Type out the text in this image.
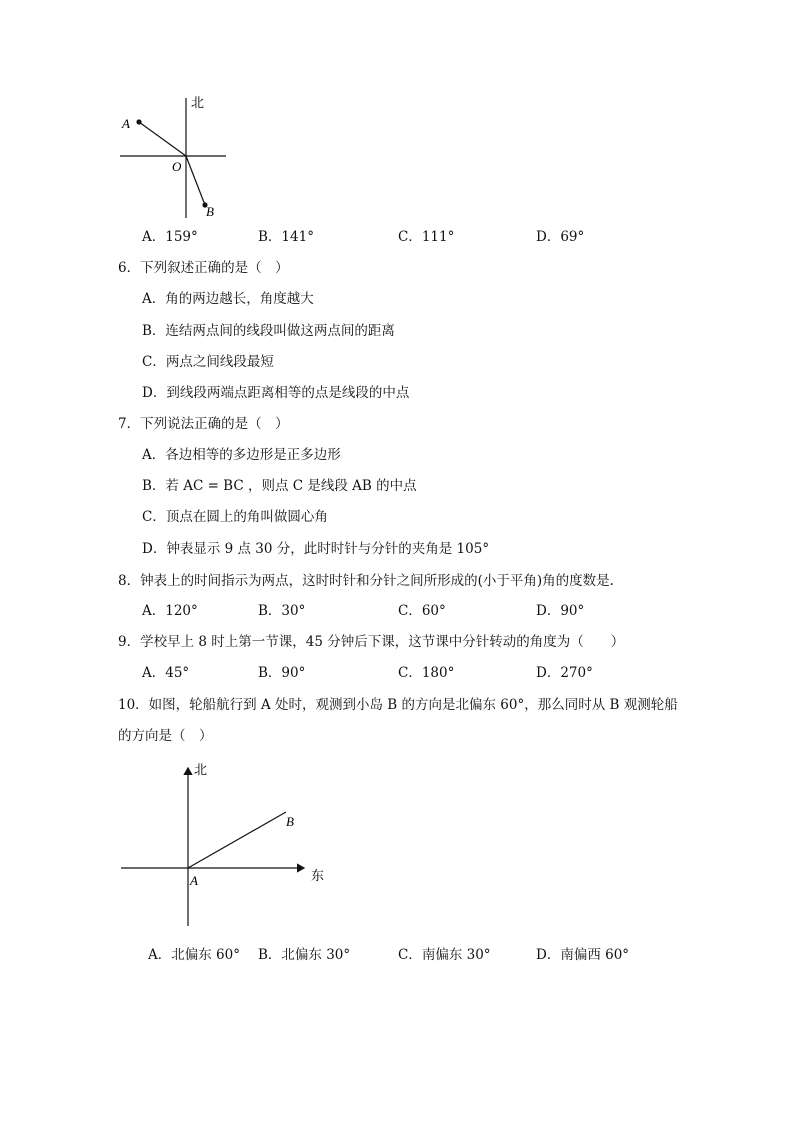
北
A
O
B
A．159°	B．141°	C．111°	D．69°
6．下列叙述正确的是（　）
A．角的两边越长，角度越大
B．连结两点间的线段叫做这两点间的距离
C．两点之间线段最短
D．到线段两端点距离相等的点是线段的中点
7．下列说法正确的是（　）
A．各边相等的多边形是正多边形
B．若 AC = BC ，则点 C 是线段 AB 的中点
C．顶点在圆上的角叫做圆心角
D．钟表显示 9 点 30 分，此时时针与分针的夹角是 105°
8．钟表上的时间指示为两点，这时时针和分针之间所形成的(小于平角)角的度数是.
A．120°	B．30°	C．60°	D．90°
9．学校早上 8 时上第一节课，45 分钟后下课，这节课中分针转动的角度为（　　）
A．45°	B．90°	C．180°	D．270°
10．如图，轮船航行到 A 处时，观测到小岛 B 的方向是北偏东 60°，那么同时从 B 观测轮船
的方向是（　）
北
东
A
B
A．北偏东 60° B．北偏东 30°	C．南偏东 30°	D．南偏西 60°
